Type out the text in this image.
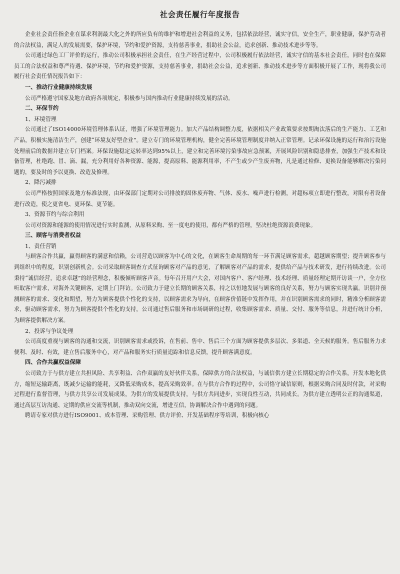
社会责任履行年度报告
企业社会责任指企业在谋求利润最大化之外的所应负有的维护和增进社会利益的义务，包括依法经营，诚实守信，安全生产，职业健康，保护劳动者的合法权益，满足人的发展需要，保护环境，节约和爱护资源，支持慈善事业，捐助社会公益，追求创新、推动技术进步等等。
公司通过绿色工厂评价的运行，推动公司积极承担社会责任，在生产经营过程中，公司积极履行依法经营，诚实守信的基本社会责任，同时也在保障员工的合法权益和尊严待遇、保护环境，节约和爱护资源，支持慈善事业，捐助社会公益，追求创新、推动技术进步等方面积极开展了工作，现将我公司履行社会责任情况报告如下：
一、推动行业健康持续发展
公司严格遵守国家及地方政府各项规定，积极参与国内推动行业健康持续发展的活动。
二、环保节约
1、环境管理
公司通过了ISO14000环境管理体系认证，增强了环境管理能力。加大产品结构调整力度，依据相关产业政策要求按期淘汰落后的生产能力、工艺和产品，积极实施清洁生产，创建“环境友好型企业”。建立专门的环境管理机构，健全完善环境管理制度并纳入正常管理。记录环保设施的运行和治污设施处理前后的数据并建立专门档案。环保设施稳定运转率达到95%以上，建立和完善环境污染事故应急预案，开展风险识别和隐患排查，加强生产技术和设备管理，杜绝跑、冒、滴、漏，充分利用好各种资源、能源，提高原料、能源利用率，不产生或少产生废弃物，凡是通过检修、更换设备能够解决污染问题的，要及时的予以更换、改造及修理。
2、降污减排
公司严格按照国家及地方标准法规，由环保部门定期对公司排放的固体废弃物、气体、废水、噪声进行检测，对超标项立即进行整改，对限有者设备进行改造，使之更省电、更环保、更节能。
3、资源节约与综合利用
公司对资源和能源的使用情况进行实时监测，从原料采购、至一度电的使用，都有严格的管理，坚决杜绝资源浪费现象。
三、顾客与消费者权益
1、责任营销
与顾客合作共赢，赢得顾客的满意和信赖，公司营造以顾客为中心的文化，在顾客生命周期的每一环节满足顾客需求，超越顾客期望；提升顾客参与到组织中的程度，识别创新机会。公司采取顾客调查方式征询顾客对产品的意见，了解顾客对产品的需求，提供给产品与技术研发，进行持续改进。公司秉持“诚信经营，追求卓越”的经营理念，积极倾听顾客声音。每年召开用户大会，对国内客户、客户经理、技术经理、质量经理定期开访谈一户，全方位听取客户需求，对海外关键顾客，定期上门拜访。公司致力于建立长期的顾客关系，持之以恒地发展与顾客的良好关系，努力与顾客实现共赢。识别并预测顾客的需求、变化和期望，努力为顾客提供个性化的支持，以顾客需求为导向，在顾客价值链中发挥作用，并在识别顾客需求的同时，精准分析顾客需求，驱动顾客需求，努力为顾客提供个性化的支持，公司通过售后服务和市场调研的过程，收集顾客需求、质量、交付、服务等信息，并进行统计分析，为顾客提供解决方案。
2、投诉与争议处理
公司高度重视与顾客的沟通和交流，识别顾客需求或投诉，在售前、售中、售后三个方面为顾客提供多层次、多渠道、全天候的服务。售后服务力求便利、及时、有效，建立售后服务中心，对产品和服务实行质量追踪和信息反馈，提升顾客满意度。
四、合作共赢权益保障
公司致力于与供方建立共担风险、共享利益、合作双赢的友好伙伴关系，保障供方的合法权益，与诚信供方建立长期稳定的合作关系，开发本地化供方，缩短运输距离，既减少运输的能耗，又降低采购成本，提高采购效率。在与供方合作的过程中，公司恪守诚信原则，根据采购合同及时付款，对采购过程进行监督管理，与供方共享公司发展成果，为供方的发展提供支持，与供方共同进步，实现良性互动，共同成长。为供方建立透明公正的沟通渠道，通过高层互访沟通、定期的供应交流等机制，推动双向交流，增进互信，协调解决合作中遇到的问题。
聘请专家对供方进行ISO9001、成本管理、采购管理、供方评价、开发基础程序等培训，积极向核心
